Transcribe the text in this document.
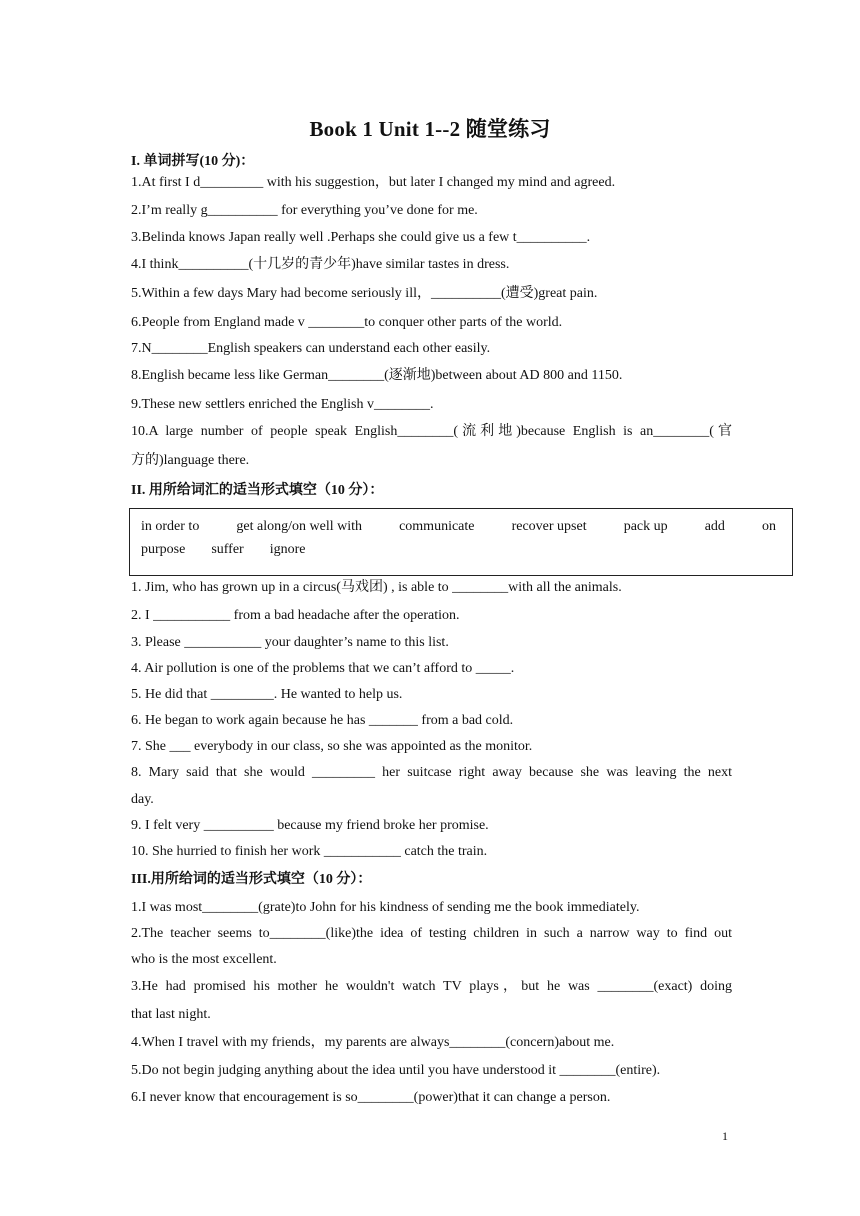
Book 1 Unit 1--2 随堂练习
I. 单词拼写(10 分)：
1.At first I d_________ with his suggestion，but later I changed my mind and agreed.
2.I’m really g__________ for everything you’ve done for me.
3.Belinda knows Japan really well .Perhaps she could give us a few t__________.
4.I think__________(十几岁的青少年)have similar tastes in dress.
5.Within a few days Mary had become seriously ill，__________(遭受)great pain.
6.People from England made v ________to conquer other parts of the world.
7.N________English speakers can understand each other easily.
8.English became less like German________(逐渐地)between about AD 800 and 1150.
9.These new settlers enriched the English v________.
10.A large number of people speak English________(流利地)because English is an________(官
方的)language there.
II. 用所给词汇的适当形式填空（10 分）：
in order to	get along/on well with	communicate	recover upset	pack up	add	on
purpose suffer ignore
1. Jim, who has grown up in a circus(马戏团) , is able to ________with all the animals.
2. I ___________ from a bad headache after the operation.
3. Please ___________ your daughter’s name to this list.
4. Air pollution is one of the problems that we can’t afford to _____.
5. He did that _________. He wanted to help us.
6. He began to work again because he has _______ from a bad cold.
7. She ___ everybody in our class, so she was appointed as the monitor.
8. Mary said that she would _________ her suitcase right away because she was leaving the next
day.
9. I felt very __________ because my friend broke her promise.
10. She hurried to finish her work ___________ catch the train.
III.用所给词的适当形式填空（10 分）：
1.I was most________(grate)to John for his kindness of sending me the book immediately.
2.The teacher seems to________(like)the idea of testing children in such a narrow way to find out
who is the most excellent.
3.He had promised his mother he wouldn't watch TV plays，but he was ________(exact) doing
that last night.
4.When I travel with my friends，my parents are always________(concern)about me.
5.Do not begin judging anything about the idea until you have understood it ________(entire).
6.I never know that encouragement is so________(power)that it can change a person.
1
